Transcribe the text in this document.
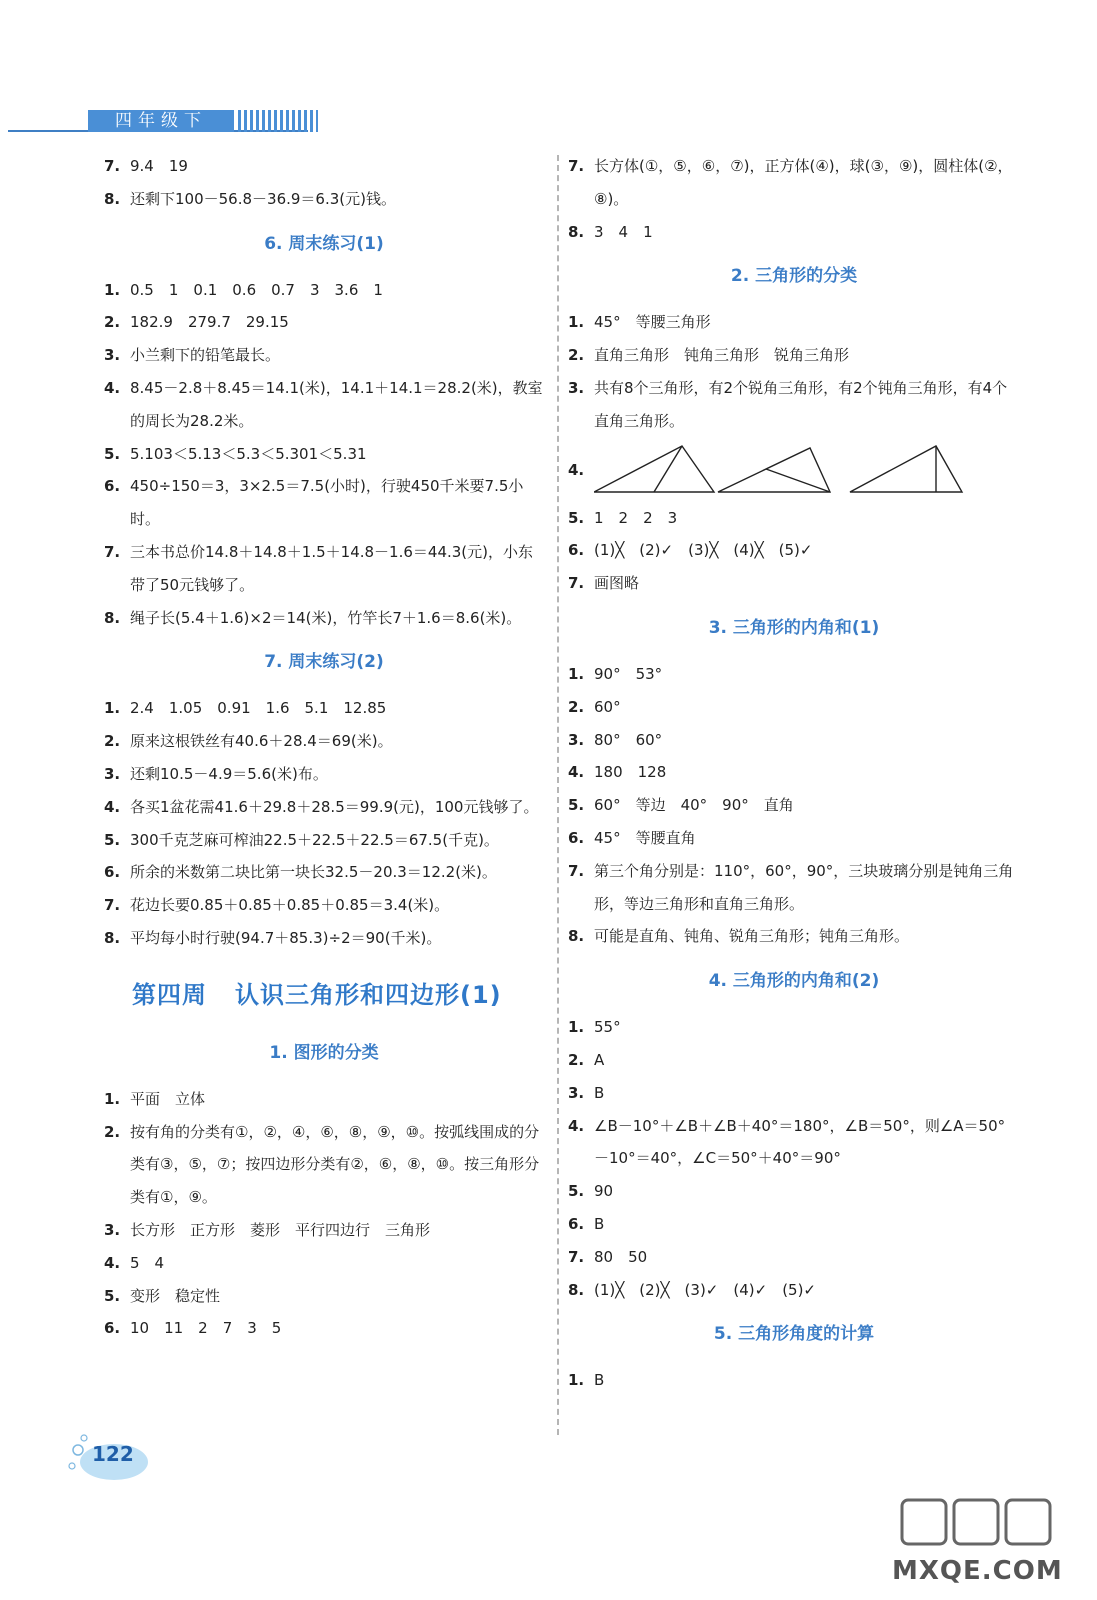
四年级下
7. 9.4　19
8. 还剩下100－56.8－36.9＝6.3(元)钱。
6. 周末练习(1)
1. 0.5　1　0.1　0.6　0.7　3　3.6　1
2. 182.9　279.7　29.15
3. 小兰剩下的铅笔最长。
4. 8.45－2.8＋8.45＝14.1(米)，14.1＋14.1＝28.2(米)，教室的周长为28.2米。
5. 5.103＜5.13＜5.3＜5.301＜5.31
6. 450÷150＝3，3×2.5＝7.5(小时)，行驶450千米要7.5小时。
7. 三本书总价14.8＋14.8＋1.5＋14.8－1.6＝44.3(元)，小东带了50元钱够了。
8. 绳子长(5.4＋1.6)×2＝14(米)，竹竿长7＋1.6＝8.6(米)。
7. 周末练习(2)
1. 2.4　1.05　0.91　1.6　5.1　12.85
2. 原来这根铁丝有40.6＋28.4＝69(米)。
3. 还剩10.5－4.9＝5.6(米)布。
4. 各买1盆花需41.6＋29.8＋28.5＝99.9(元)，100元钱够了。
5. 300千克芝麻可榨油22.5＋22.5＋22.5＝67.5(千克)。
6. 所余的米数第二块比第一块长32.5－20.3＝12.2(米)。
7. 花边长要0.85＋0.85＋0.85＋0.85＝3.4(米)。
8. 平均每小时行驶(94.7＋85.3)÷2＝90(千米)。
第四周 认识三角形和四边形(1)
1. 图形的分类
1. 平面　立体
2. 按有角的分类有①，②，④，⑥，⑧，⑨，⑩。按弧线围成的分类有③，⑤，⑦；按四边形分类有②，⑥，⑧，⑩。按三角形分类有①，⑨。
3. 长方形　正方形　菱形　平行四边行　三角形
4. 5　4
5. 变形　稳定性
6. 10　11　2　7　3　5
7. 长方体(①，⑤，⑥，⑦)，正方体(④)，球(③，⑨)，圆柱体(②，⑧)。
8. 3　4　1
2. 三角形的分类
1. 45°　等腰三角形
2. 直角三角形　钝角三角形　锐角三角形
3. 共有8个三角形，有2个锐角三角形，有2个钝角三角形，有4个直角三角形。
4.
5. 1　2　2　3
6. (1)╳　(2)✓　(3)╳　(4)╳　(5)✓
7. 画图略
3. 三角形的内角和(1)
1. 90°　53°
2. 60°
3. 80°　60°
4. 180　128
5. 60°　等边　40°　90°　直角
6. 45°　等腰直角
7. 第三个角分别是：110°，60°，90°，三块玻璃分别是钝角三角形，等边三角形和直角三角形。
8. 可能是直角、钝角、锐角三角形；钝角三角形。
4. 三角形的内角和(2)
1. 55°
2. A
3. B
4. ∠B－10°＋∠B＋∠B＋40°＝180°，∠B＝50°，则∠A＝50°－10°＝40°，∠C＝50°＋40°＝90°
5. 90
6. B
7. 80　50
8. (1)╳　(2)╳　(3)✓　(4)✓　(5)✓
5. 三角形角度的计算
1. B
122
MXQE.COM
